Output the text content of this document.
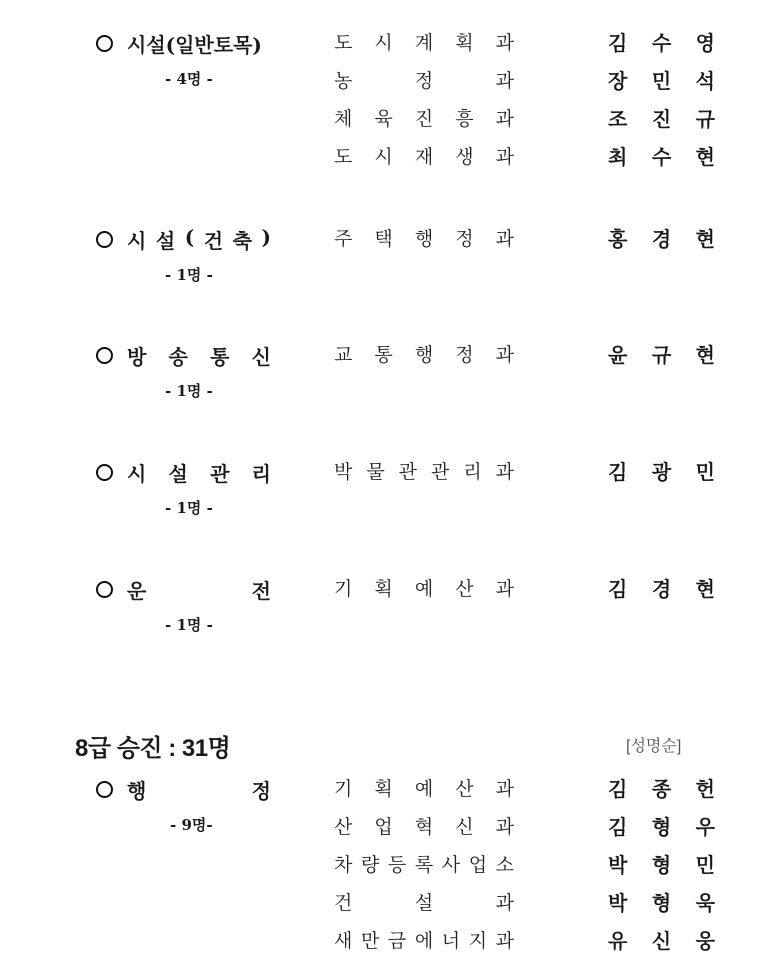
시설(일반토목)
- 4명 -
도 시 계 획 과	김 수 영
농	정	과	장 민 석
체 육 진 흥 과	조 진 규
도 시 재 생 과	최 수 현
시 설 ( 건 축 )
- 1명 -
주 택 행 정 과	홍 경 현
방 송 통 신
- 1명 -
교 통 행 정 과	윤 규 현
시 설 관 리
- 1명 -
박 물 관 관 리 과	김 광 민
운	전
- 1명 -
기 획 예 산 과	김 경 현
8급 승진 : 31명	[성명순]
행	정
- 9명-
기 획 예 산 과	김 종 헌
산 업 혁 신 과	김 형 우
차 량 등 록 사 업 소	박 형 민
건	설	과	박 형 욱
새 만 금 에 너 지 과	유 신 웅
